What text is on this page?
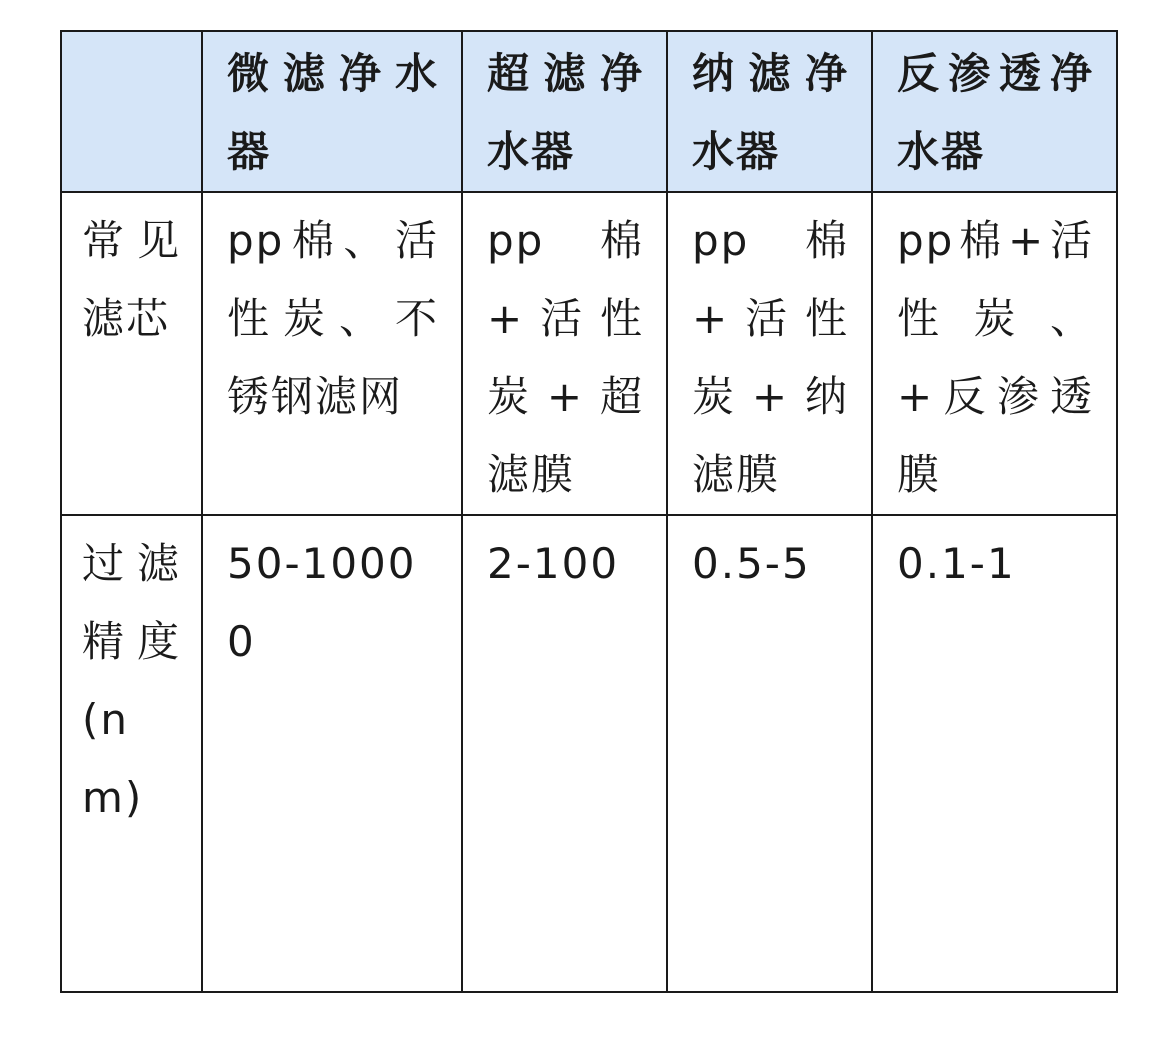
	微滤净水器	超滤净水器	纳滤净水器	反渗透净水器
常见滤芯	pp棉、活性炭、不锈钢滤网	pp 棉+活性炭+超滤膜	pp 棉+活性炭+纳滤膜	pp棉+活性炭、+反渗透膜
过滤精度(nm)	50-10000	2-100	0.5-5	0.1-1
